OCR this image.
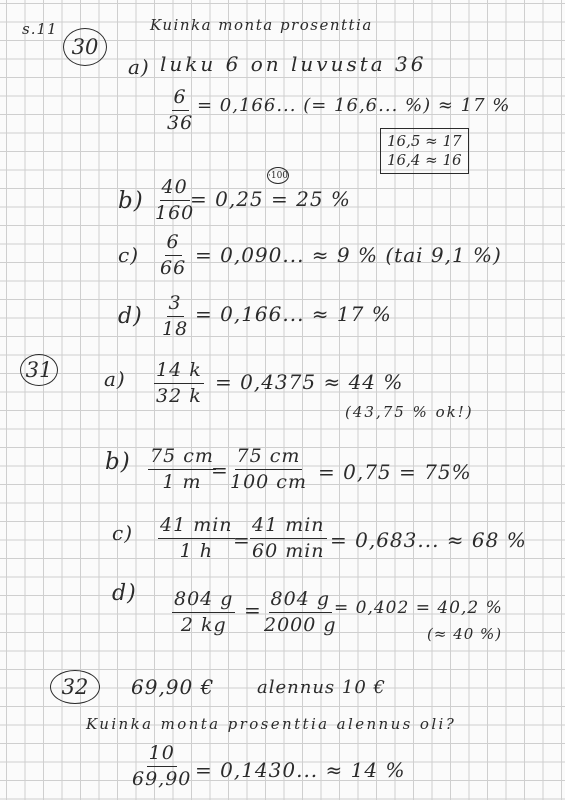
s.11
30
Kuinka monta prosenttia
a) luku 6 on luvusta 36
$\frac{6}{36} = 0,166$... (= 16,6... %) ≈ 17 %
16,5 ≈ 17
16,4 ≈ 16
$b) \frac{40}{160}$
·100
= 0,25 = 25 %
$c) \frac{6}{66} = 0,090$... ≈ 9 % (tai 9,1 %)
$d) \frac{3}{18} = 0,166$... ≈ 17 %
31	$a) \frac{14 k}{32 k} = 0,4375 \approx 44$ %
(43,75 % ok!)
$b) \frac{75 cm}{1 m}$
= $\frac{75 cm}{100 cm} = 0,75 = 75\%$
c) 41 min
1 h =
41 min
60 min = 0,683... ≈ 68 %
$d) \frac{804 g}{2 kg} = \frac{804 g}{2000 g}$
= 0,402 = 40,2 %
(≈ 40 %)
32	69,90 € alennus 10 €
Kuinka monta prosenttia alennus oli?
$\frac{10}{69,90} = 0,1430$... ≈ 14 %
